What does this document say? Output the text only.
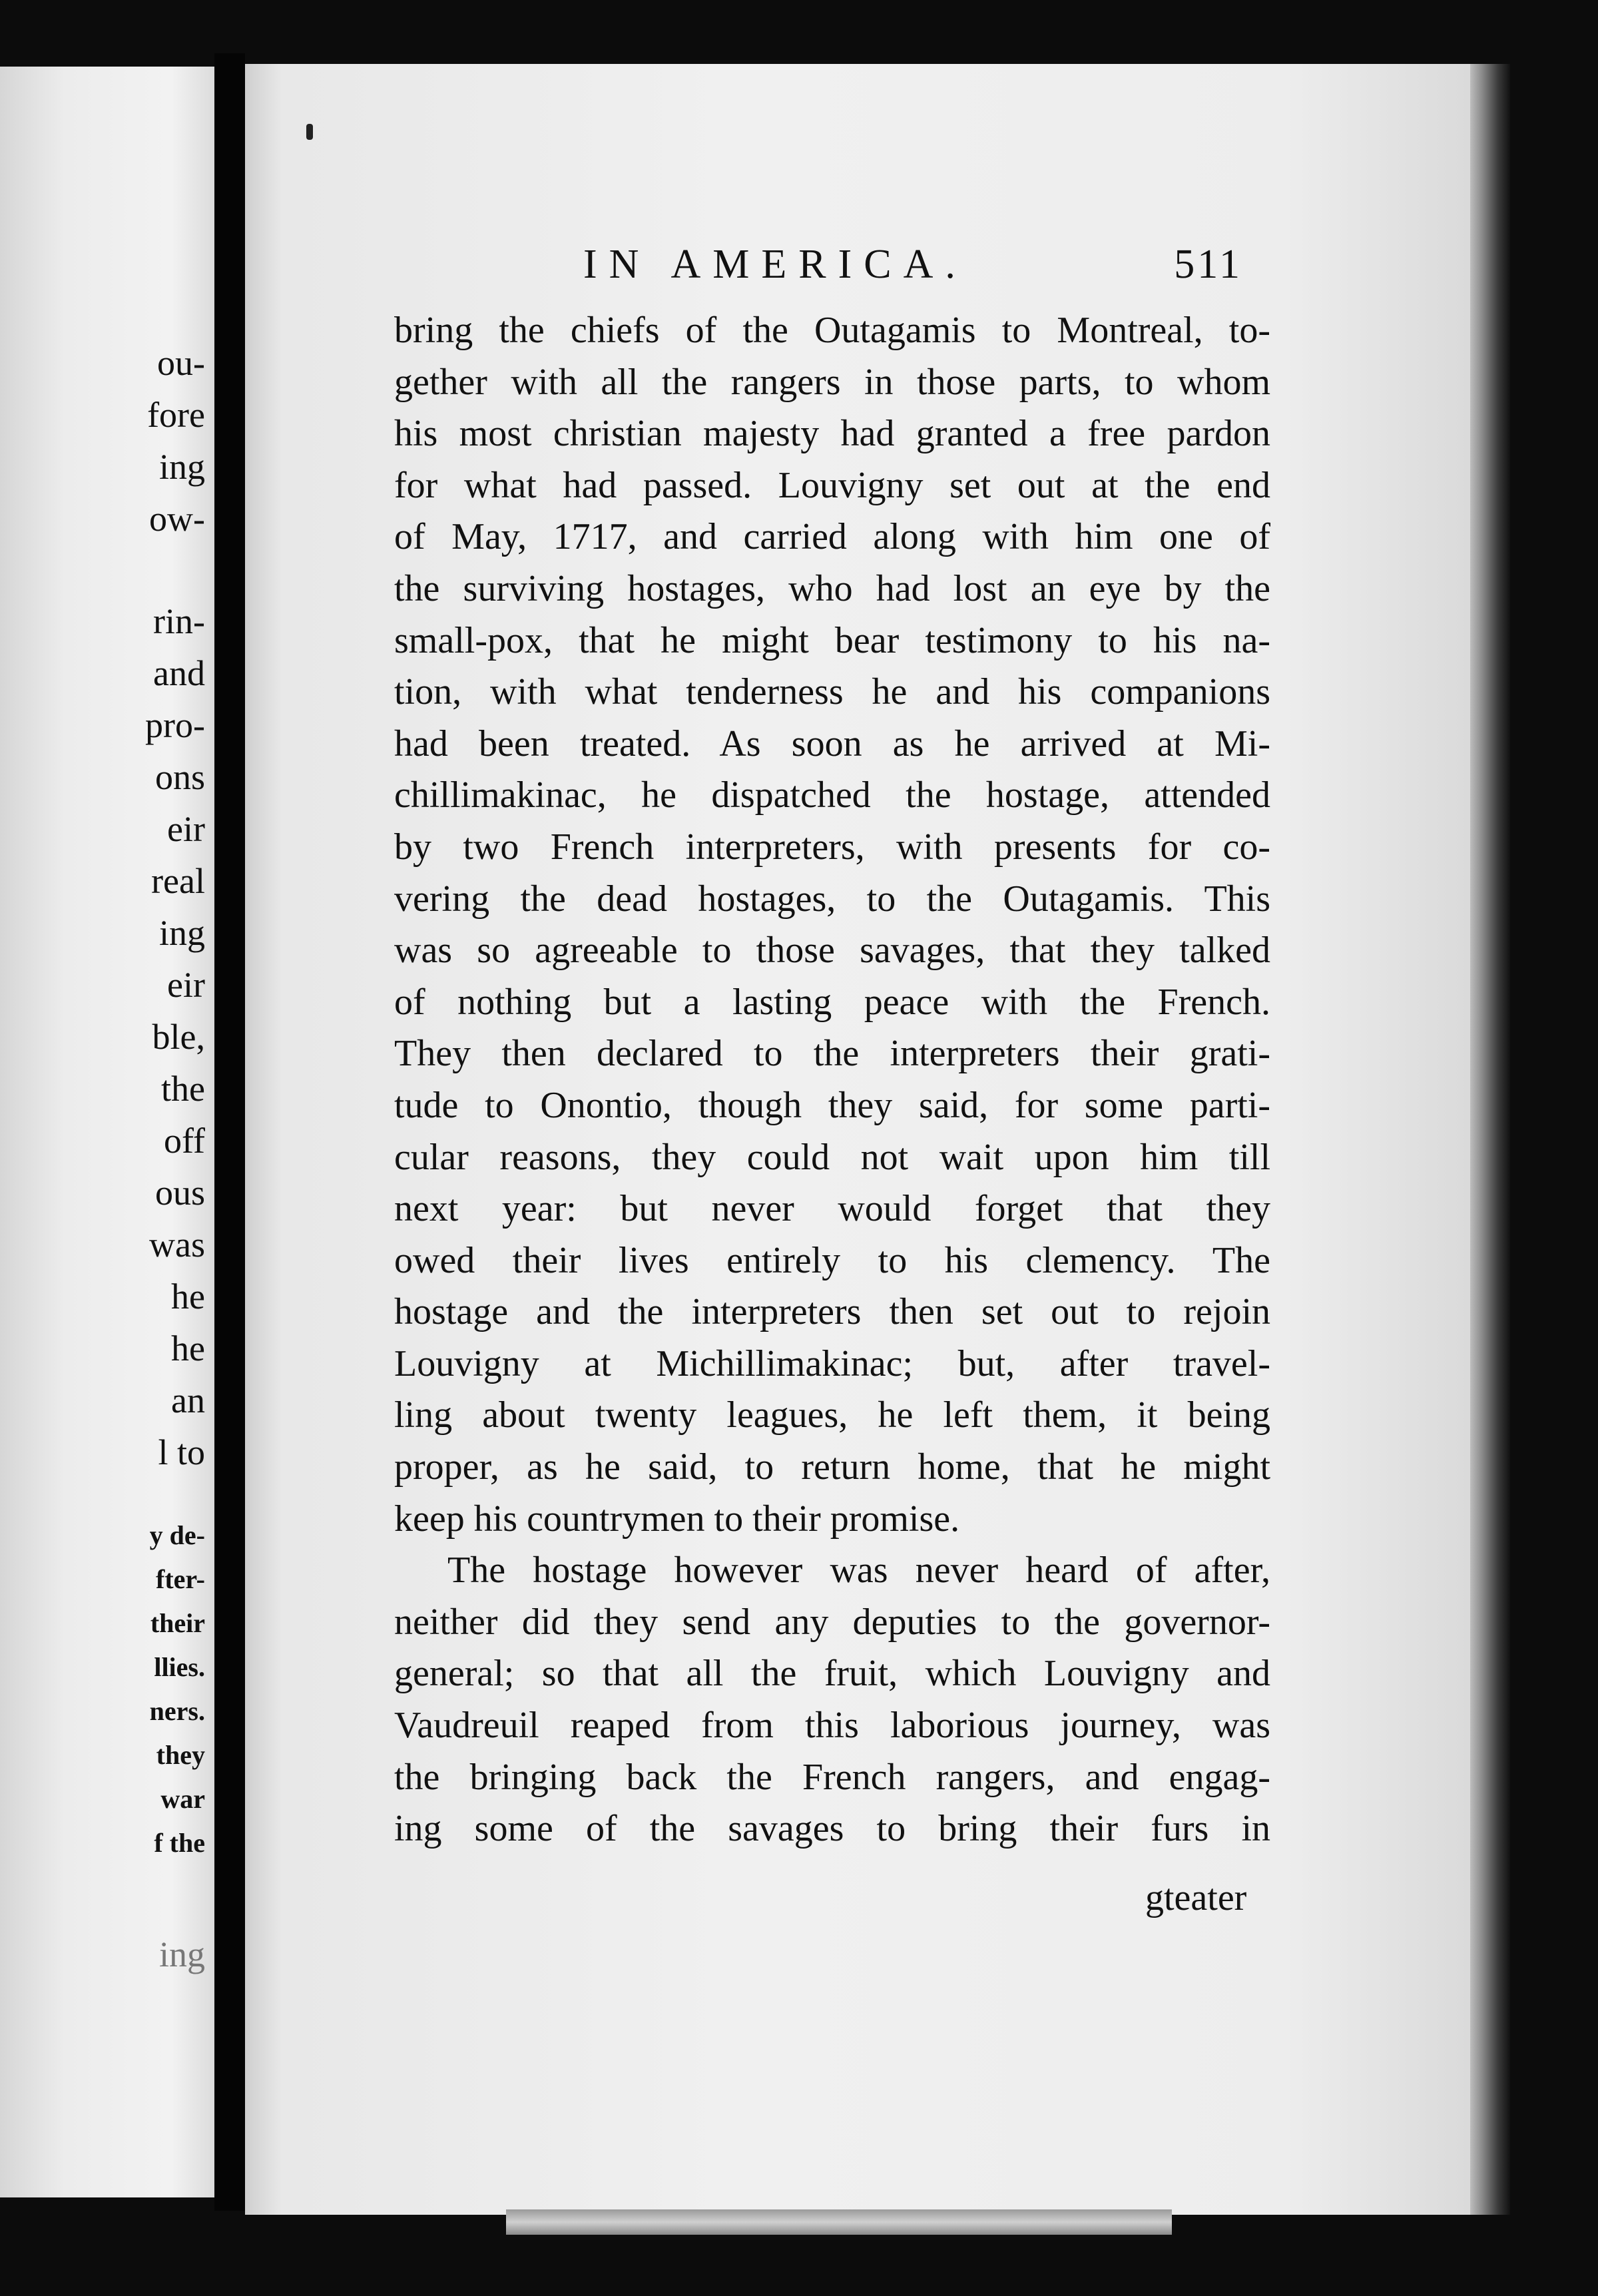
ou-

fore

ing

ow-

rin-

and

pro-

ons

eir

real

ing

eir

ble,

the

off

ous

was

he

he

an

l to

y de-

fter-

their

llies.

ners.

they

war

f the

ing

IN AMERICA.	511

bring the chiefs of the Outagamis to Montreal, to-

gether with all the rangers in those parts, to whom

his most christian majesty had granted a free pardon

for what had passed. Louvigny set out at the end

of May, 1717, and carried along with him one of

the surviving hostages, who had lost an eye by the

small-pox, that he might bear testimony to his na-

tion, with what tenderness he and his companions

had been treated. As soon as he arrived at Mi-

chillimakinac, he dispatched the hostage, attended

by two French interpreters, with presents for co-

vering the dead hostages, to the Outagamis. This

was so agreeable to those savages, that they talked

of nothing but a lasting peace with the French.

They then declared to the interpreters their grati-

tude to Onontio, though they said, for some parti-

cular reasons, they could not wait upon him till

next year: but never would forget that they

owed their lives entirely to his clemency. The

hostage and the interpreters then set out to rejoin

Louvigny at Michillimakinac; but, after travel-

ling about twenty leagues, he left them, it being

proper, as he said, to return home, that he might

keep his countrymen to their promise.

The hostage however was never heard of after,

neither did they send any deputies to the governor-

general; so that all the fruit, which Louvigny and

Vaudreuil reaped from this laborious journey, was

the bringing back the French rangers, and engag-

ing some of the savages to bring their furs in

gteater
